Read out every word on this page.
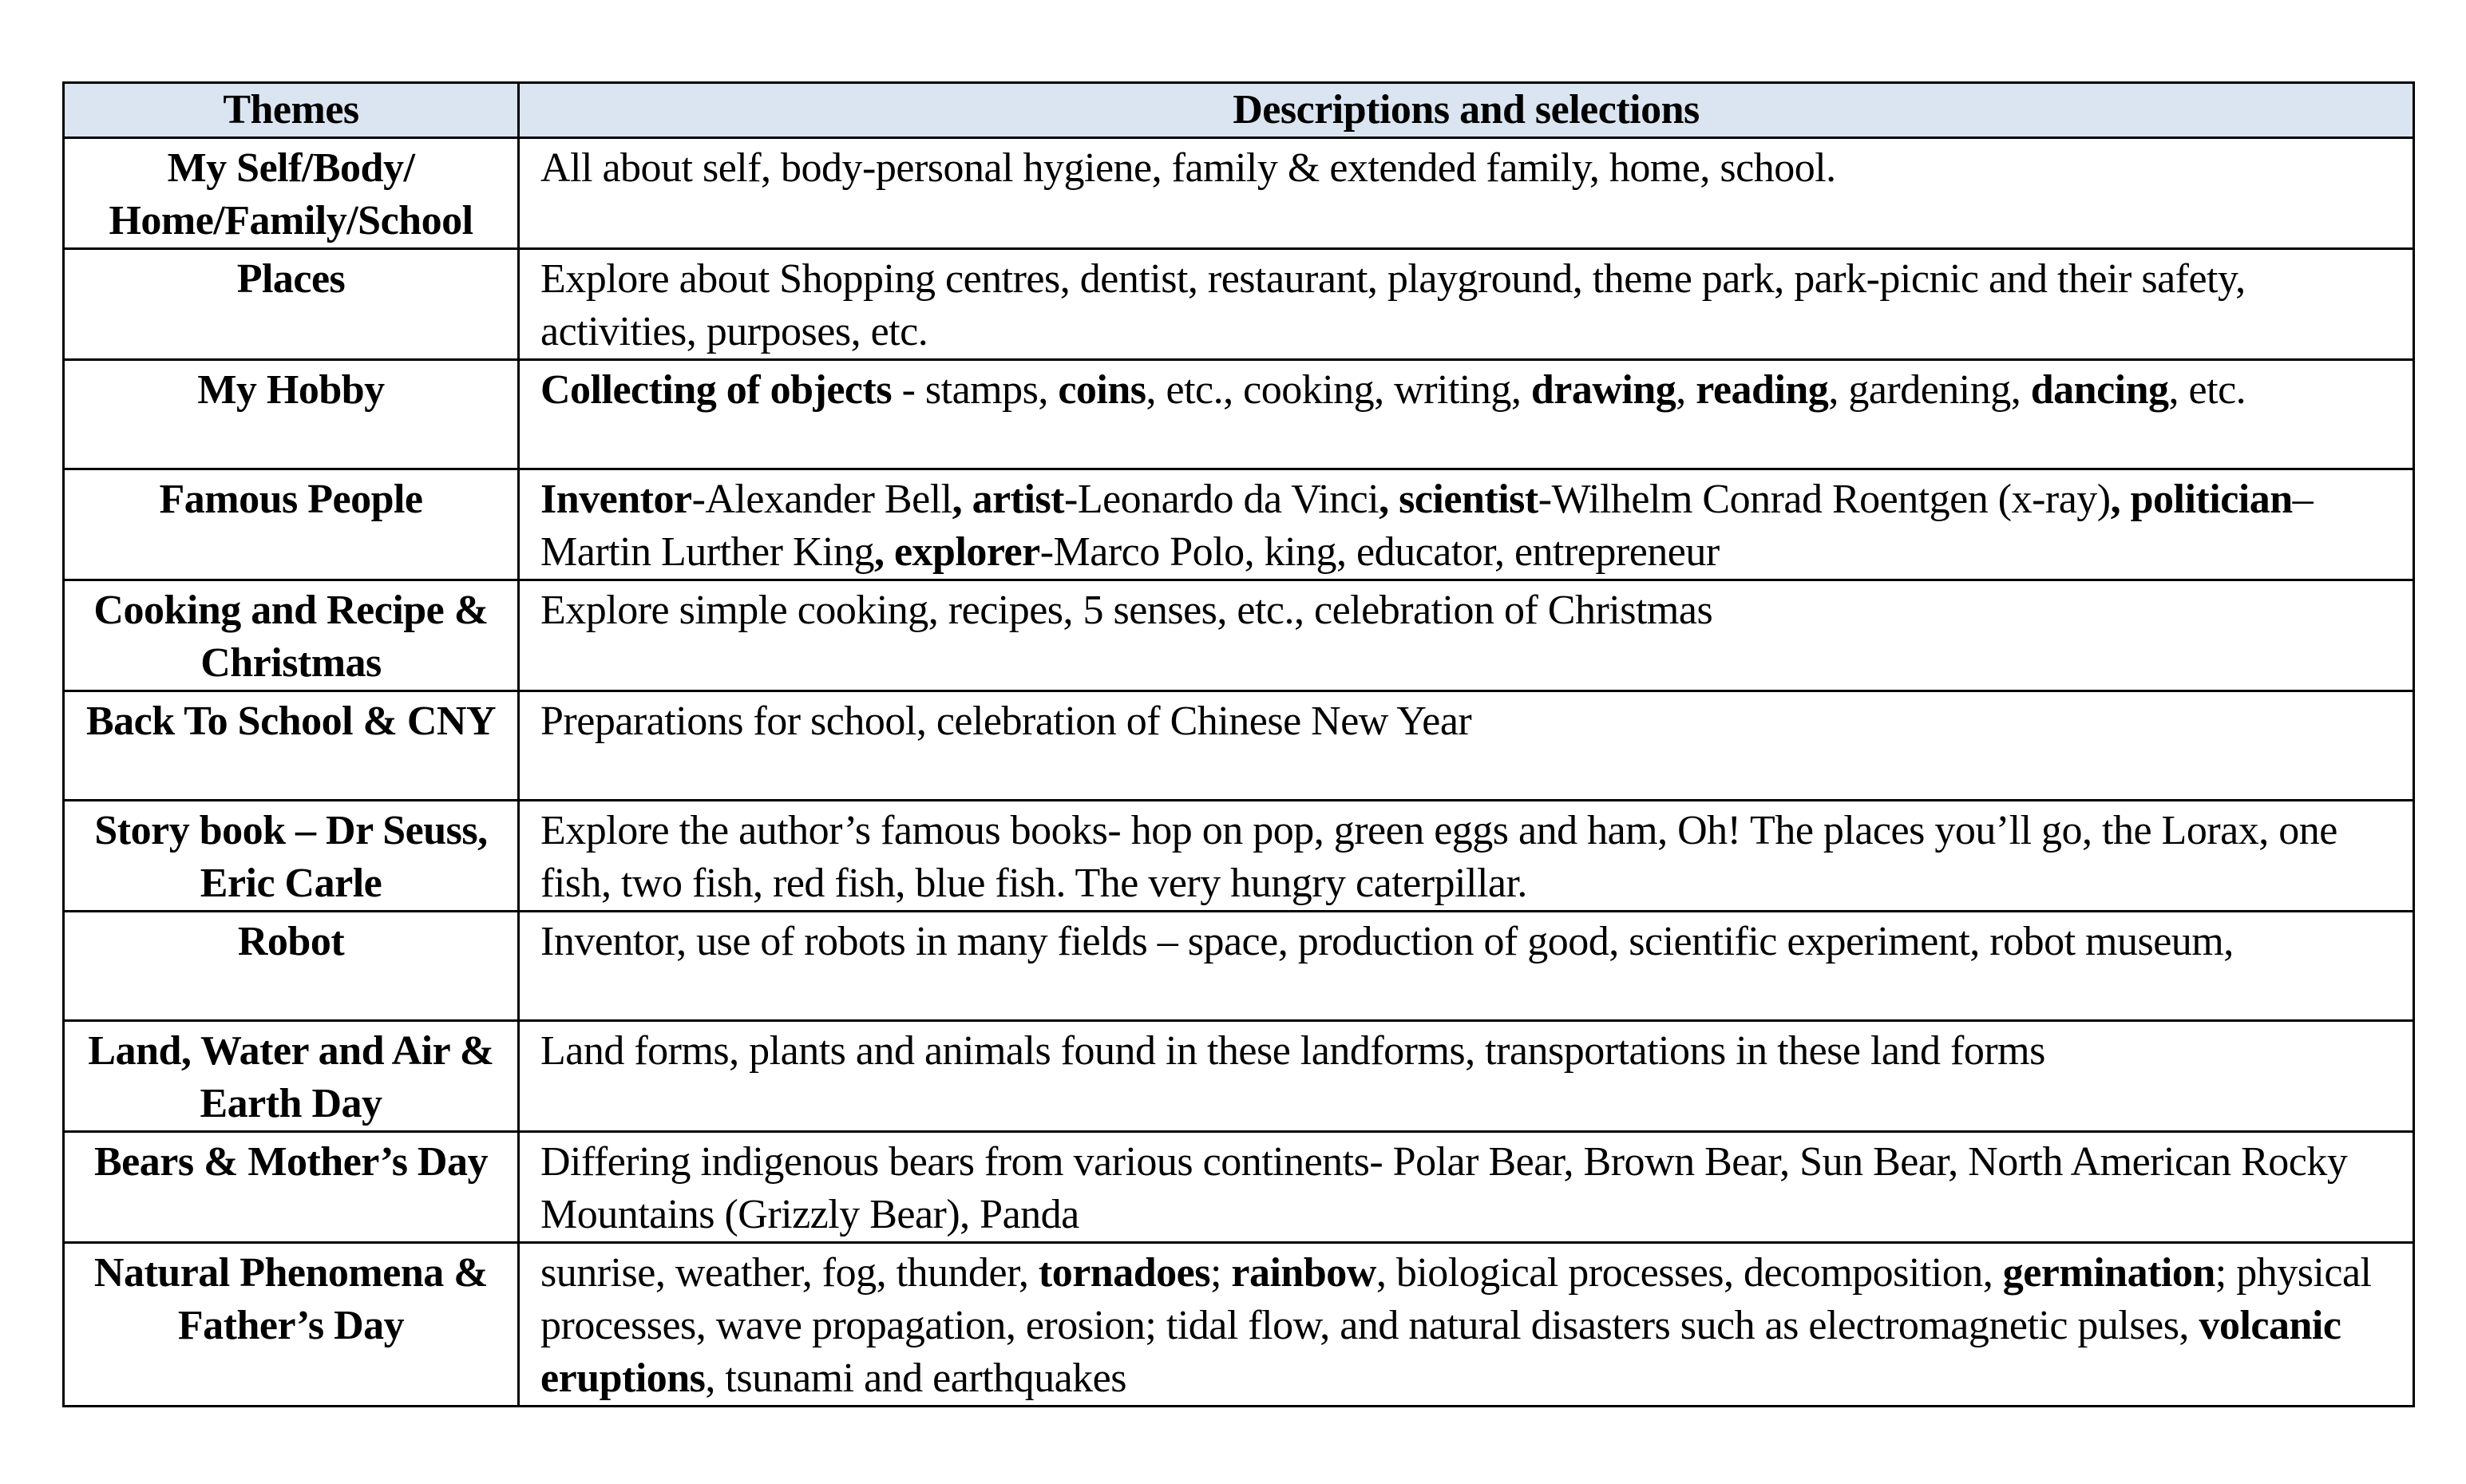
Themes	Descriptions and selections
My Self/Body/ Home/Family/School	All about self, body-personal hygiene, family & extended family, home, school.
Places	Explore about Shopping centres, dentist, restaurant, playground, theme park, park-picnic and their safety, activities, purposes, etc.
My Hobby	Collecting of objects - stamps, coins, etc., cooking, writing, drawing, reading, gardening, dancing, etc.
Famous People	Inventor-Alexander Bell, artist-Leonardo da Vinci, scientist-Wilhelm Conrad Roentgen (x-ray), politician–Martin Lurther King, explorer-Marco Polo, king, educator, entrepreneur
Cooking and Recipe & Christmas	Explore simple cooking, recipes, 5 senses, etc., celebration of Christmas
Back To School & CNY	Preparations for school, celebration of Chinese New Year
Story book – Dr Seuss, Eric Carle	Explore the author’s famous books- hop on pop, green eggs and ham, Oh! The places you’ll go, the Lorax, one fish, two fish, red fish, blue fish. The very hungry caterpillar.
Robot	Inventor, use of robots in many fields – space, production of good, scientific experiment, robot museum,
Land, Water and Air & Earth Day	Land forms, plants and animals found in these landforms, transportations in these land forms
Bears & Mother’s Day	Differing indigenous bears from various continents- Polar Bear, Brown Bear, Sun Bear, North American Rocky Mountains (Grizzly Bear), Panda
Natural Phenomena & Father’s Day	sunrise, weather, fog, thunder, tornadoes; rainbow, biological processes, decomposition, germination; physical processes, wave propagation, erosion; tidal flow, and natural disasters such as electromagnetic pulses, volcanic eruptions, tsunami and earthquakes
